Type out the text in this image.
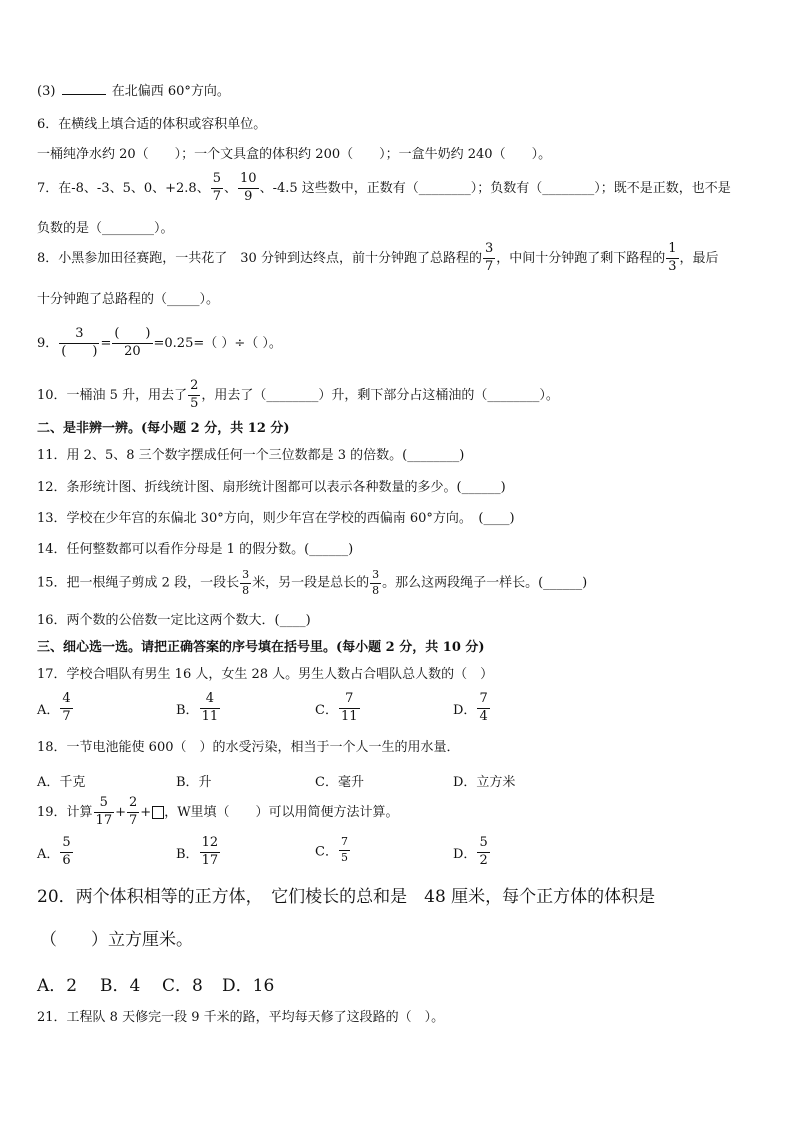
(3)	在北偏西 60°方向。
6．在横线上填合适的体积或容积单位。
一桶纯净水约 20（　　）；一个文具盒的体积约 200（　　）；一盒牛奶约 240（　　）。
7．在-8、-3、5、0、+2.8、 $\frac{5}{7}$ 、 $\frac{10}{9}$ 、-4.5 这些数中，正数有（________）；负数有（________）；既不是正数，也不是
负数的是（________）。
8．小黑参加田径赛跑，一共花了　30 分钟到达终点，前十分钟跑了总路程的 $\frac{3}{7}$ ，中间十分钟跑了剩下路程的 $\frac{1}{3}$ ，最后
十分钟跑了总路程的（_____）。
9． $\frac{3}{( )} = \frac{( )}{20} =0.25=$（ ）÷（ ）。
10．一桶油 5 升，用去了 $\frac{2}{5}$ ，用去了（________）升，剩下部分占这桶油的（________）。
二、是非辨一辨。(每小题 2 分，共 12 分)
11．用 2、5、8 三个数字摆成任何一个三位数都是 3 的倍数。(________)
12．条形统计图、折线统计图、扇形统计图都可以表示各种数量的多少。(______)
13．学校在少年宫的东偏北 30°方向，则少年宫在学校的西偏南 60°方向。　(____)
14．任何整数都可以看作分母是 1 的假分数。(______)
15．把一根绳子剪成 2 段，一段长 $\frac{3}{8}$ 米，另一段是总长的 $\frac{3}{8}$ 。那么这两段绳子一样长。(______)
16．两个数的公倍数一定比这两个数大．(____)
三、细心选一选。请把正确答案的序号填在括号里。(每小题 2 分，共 10 分)
17．学校合唱队有男生 16 人，女生 28 人。男生人数占合唱队总人数的（　）
A． $\frac{4}{7}$	B． $\frac{4}{11}$	C． $\frac{7}{11}$	D． $\frac{7}{4}$
18．一节电池能使 600（　）的水受污染，相当于一个人一生的用水量．
A．千克	B．升	C．毫升	D．立方米
19．计算 $\frac{5}{17} + \frac{2}{7}$ + ，W里填（　　）可以用简便方法计算。
A． $\frac{5}{6}$	B． $\frac{12}{17}$	C． $\frac{7}{5}$	D． $\frac{5}{2}$
20．两个体积相等的正方体，　它们棱长的总和是　48 厘米，每个正方体的体积是
（　　）立方厘米。
A．2 B．4 C．8 D．16
21．工程队 8 天修完一段 9 千米的路，平均每天修了这段路的（　）。
